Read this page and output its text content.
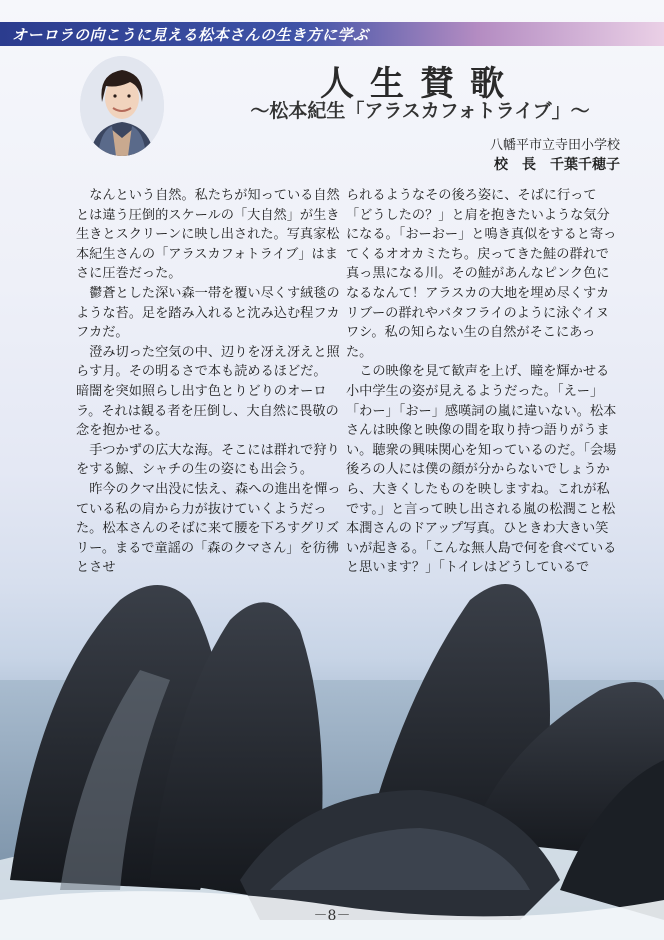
オーロラの向こうに見える松本さんの生き方に学ぶ
人生賛歌
～松本紀生「アラスカフォトライブ」～
八幡平市立寺田小学校
校　長　千葉千穂子

なんという自然。私たちが知っている自然とは違う圧倒的スケールの「大自然」が生き生きとスクリーンに映し出された。写真家松本紀生さんの「アラスカフォトライブ」はまさに圧巻だった。

鬱蒼とした深い森一帯を覆い尽くす絨毯のような苔。足を踏み入れると沈み込む程フカフカだ。

澄み切った空気の中、辺りを冴え冴えと照らす月。その明るさで本も読めるほどだ。

暗闇を突如照らし出す色とりどりのオーロラ。それは観る者を圧倒し、大自然に畏敬の念を抱かせる。

手つかずの広大な海。そこには群れで狩りをする鯨、シャチの生の姿にも出会う。

昨今のクマ出没に怯え、森への進出を憚っている私の肩から力が抜けていくようだった。松本さんのそばに来て腰を下ろすグリズリー。まるで童謡の「森のクマさん」を彷彿とさせ

られるようなその後ろ姿に、そばに行って「どうしたの？」と肩を抱きたいような気分になる。「おーおー」と鳴き真似をすると寄ってくるオオカミたち。戻ってきた鮭の群れで真っ黒になる川。その鮭があんなピンク色になるなんて！アラスカの大地を埋め尽くすカリブーの群れやバタフライのように泳ぐイヌワシ。私の知らない生の自然がそこにあった。

この映像を見て歓声を上げ、瞳を輝かせる小中学生の姿が見えるようだった。「えー」「わー」「おー」感嘆詞の嵐に違いない。松本さんは映像と映像の間を取り持つ語りがうまい。聴衆の興味関心を知っているのだ。「会場後ろの人には僕の顔が分からないでしょうから、大きくしたものを映しますね。これが私です。」と言って映し出される嵐の松潤こと松本潤さんのドアップ写真。ひときわ大きい笑いが起きる。「こんな無人島で何を食べていると思います？」「トイレはどうしているで

－8－
